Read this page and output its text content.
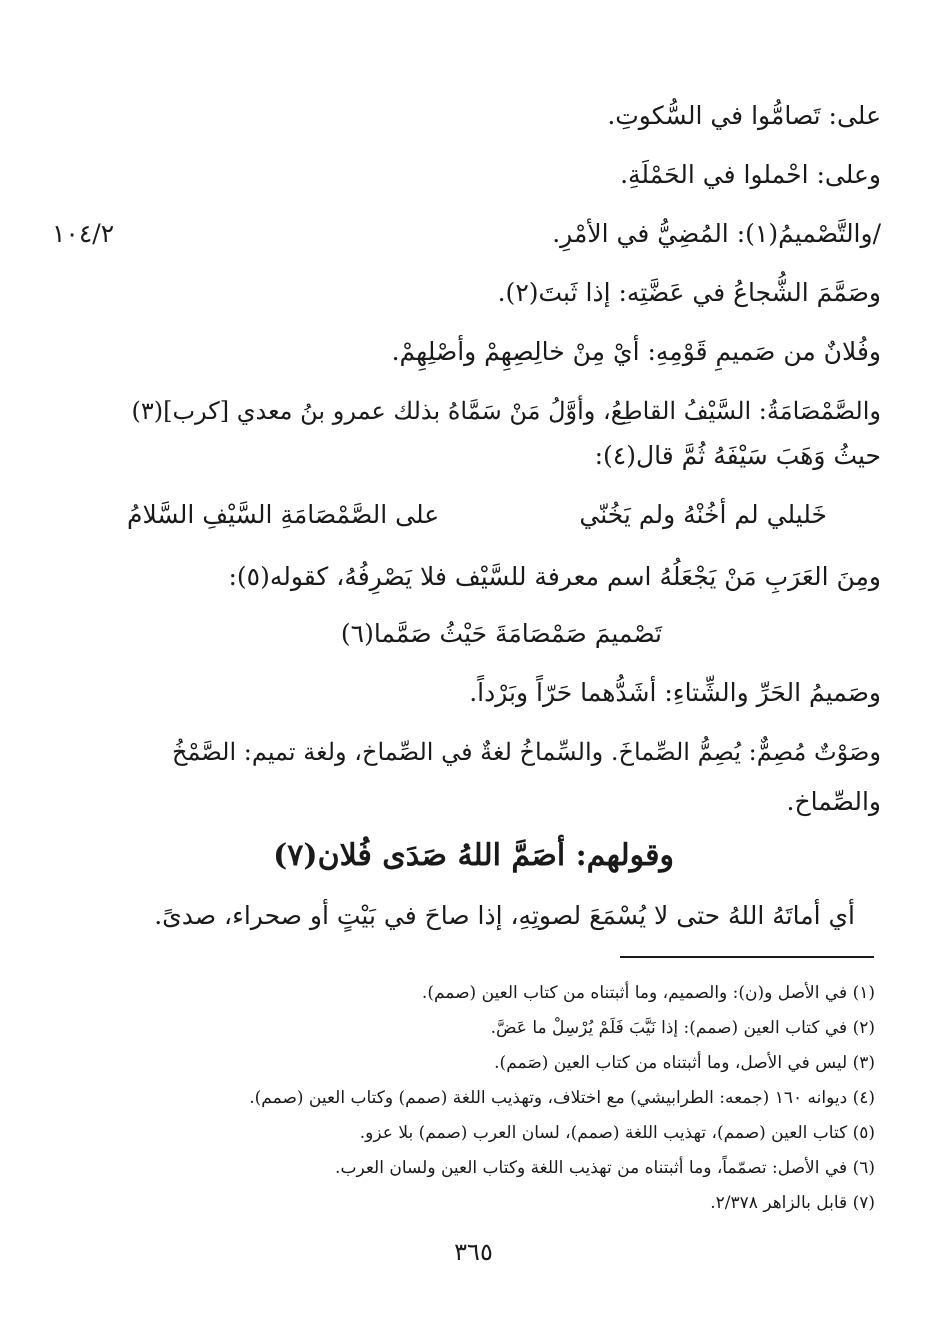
١٠٤/٢
على: تَصامُّوا في السُّكوتِ.
وعلى: احْملوا في الحَمْلَةِ.
/والتَّصْميمُ(١): المُضِيُّ في الأمْرِ.
وصَمَّمَ الشُّجاعُ في عَضَّتِه: إذا ثَبتَ(٢).
وفُلانٌ من صَميمِ قَوْمِهِ: أيْ مِنْ خالِصِهِمْ وأصْلِهِمْ.
والصَّمْصَامَةُ: السَّيْفُ القاطِعُ، وأوَّلُ مَنْ سَمَّاهُ بذلك عمرو بنُ معدي [كرب](٣)
حيثُ وَهَبَ سَيْفَهُ ثُمَّ قال(٤):
خَليلي لم أخُنْهُ ولم يَخُنّي
على الصَّمْصَامَةِ السَّيْفِ السَّلامُ
ومِنَ العَرَبِ مَنْ يَجْعَلُهُ اسم معرفة للسَّيْف فلا يَصْرِفُهُ، كقوله(٥):
تَصْميمَ صَمْصَامَةَ حَيْثُ صَمَّما(٦)
وصَميمُ الحَرِّ والشِّتاءِ: أشَدُّهما حَرّاً وبَرْداً.
وصَوْتٌ مُصِمٌّ: يُصِمُّ الصِّماخَ. والسِّماخُ لغةٌ في الصِّماخ، ولغة تميم: الصَّمْخُ
والصِّماخ.
وقولهم: أصَمَّ اللهُ صَدَى فُلان(٧)
أي أماتَهُ اللهُ حتى لا يُسْمَعَ لصوتِهِ، إذا صاحَ في بَيْتٍ أو صحراء، صدىً.
(١) في الأصل و(ن): والصميم، وما أثبتناه من كتاب العين (صمم).
(٢) في كتاب العين (صمم): إذا نَيَّبَ فَلَمْ يُرْسِلْ ما عَضَّ.
(٣) ليس في الأصل، وما أثبتناه من كتاب العين (صَمم).
(٤) ديوانه ١٦٠ (جمعه: الطرابيشي) مع اختلاف، وتهذيب اللغة (صمم) وكتاب العين (صمم).
(٥) كتاب العين (صمم)، تهذيب اللغة (صمم)، لسان العرب (صمم) بلا عزو.
(٦) في الأصل: تصمّماً، وما أثبتناه من تهذيب اللغة وكتاب العين ولسان العرب.
(٧) قابل بالزاهر ٢/٣٧٨.
٣٦٥
